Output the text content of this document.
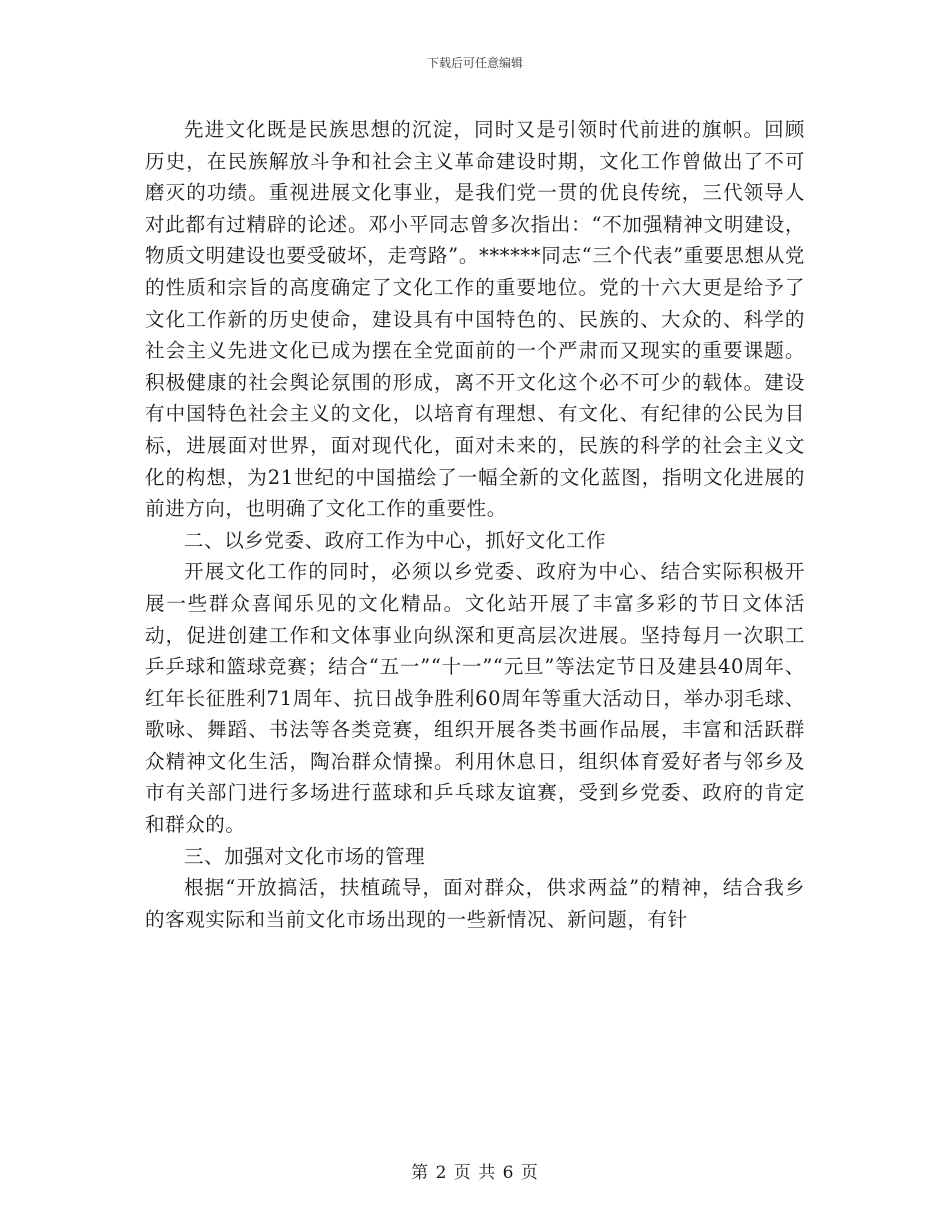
下载后可任意编辑

先进文化既是民族思想的沉淀，同时又是引领时代前进的旗帜。回顾历史，在民族解放斗争和社会主义革命建设时期，文化工作曾做出了不可磨灭的功绩。重视进展文化事业，是我们党一贯的优良传统，三代领导人对此都有过精辟的论述。邓小平同志曾多次指出：“不加强精神文明建设，物质文明建设也要受破坏，走弯路”。******同志“三个代表”重要思想从党的性质和宗旨的高度确定了文化工作的重要地位。党的十六大更是给予了文化工作新的历史使命，建设具有中国特色的、民族的、大众的、科学的社会主义先进文化已成为摆在全党面前的一个严肃而又现实的重要课题。积极健康的社会舆论氛围的形成，离不开文化这个必不可少的载体。建设有中国特色社会主义的文化，以培育有理想、有文化、有纪律的公民为目标，进展面对世界，面对现代化，面对未来的，民族的科学的社会主义文化的构想，为21世纪的中国描绘了一幅全新的文化蓝图，指明文化进展的前进方向，也明确了文化工作的重要性。

二、以乡党委、政府工作为中心，抓好文化工作

开展文化工作的同时，必须以乡党委、政府为中心、结合实际积极开展一些群众喜闻乐见的文化精品。文化站开展了丰富多彩的节日文体活动，促进创建工作和文体事业向纵深和更高层次进展。坚持每月一次职工乒乒球和篮球竞赛；结合“五一”“十一”“元旦”等法定节日及建县40周年、红年长征胜利71周年、抗日战争胜利60周年等重大活动日，举办羽毛球、歌咏、舞蹈、书法等各类竞赛，组织开展各类书画作品展，丰富和活跃群众精神文化生活，陶冶群众情操。利用休息日，组织体育爱好者与邻乡及市有关部门进行多场进行蓝球和乒乓球友谊赛，受到乡党委、政府的肯定和群众的。

三、加强对文化市场的管理

根据“开放搞活，扶植疏导，面对群众，供求两益”的精神，结合我乡的客观实际和当前文化市场出现的一些新情况、新问题，有针

第 2 页 共 6 页
